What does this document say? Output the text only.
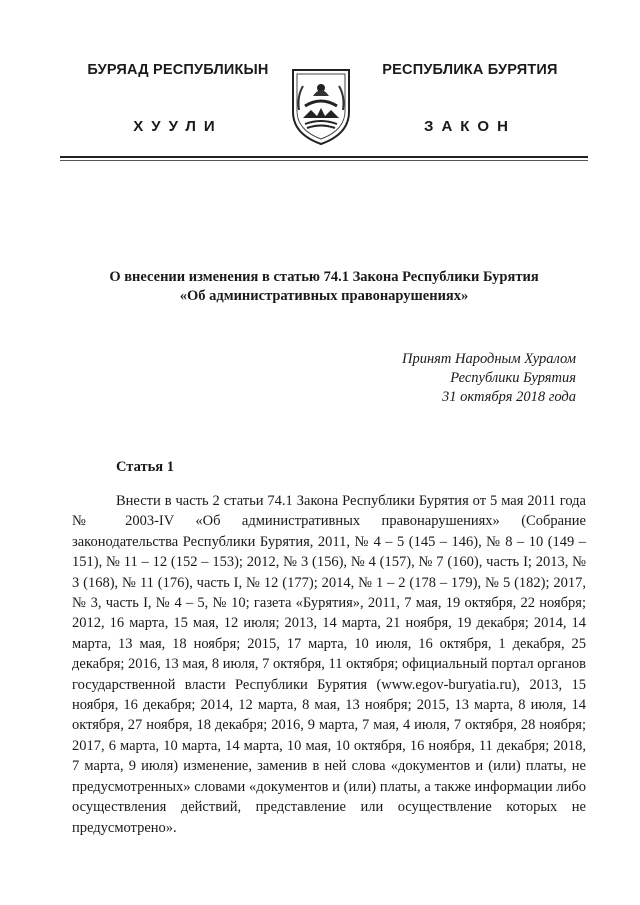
БУРЯАД РЕСПУБЛИКЫН
ХУУЛИ
РЕСПУБЛИКА БУРЯТИЯ
ЗАКОН
О внесении изменения в статью 74.1 Закона Республики Бурятия
«Об административных правонарушениях»
Принят Народным Хуралом
Республики Бурятия
31 октября 2018 года
Статья 1
Внести в часть 2 статьи 74.1 Закона Республики Бурятия от 5 мая 2011 года № 2003-IV «Об административных правонарушениях» (Собрание законодательства Республики Бурятия, 2011, № 4 – 5 (145 – 146), № 8 – 10 (149 – 151), № 11 – 12 (152 – 153); 2012, № 3 (156), № 4 (157), № 7 (160), часть I; 2013, № 3 (168), № 11 (176), часть I, № 12 (177); 2014, № 1 – 2 (178 – 179), № 5 (182); 2017, № 3, часть I, № 4 – 5, № 10; газета «Бурятия», 2011, 7 мая, 19 октября, 22 ноября; 2012, 16 марта, 15 мая, 12 июля; 2013, 14 марта, 21 ноября, 19 декабря; 2014, 14 марта, 13 мая, 18 ноября; 2015, 17 марта, 10 июля, 16 октября, 1 декабря, 25 декабря; 2016, 13 мая, 8 июля, 7 октября, 11 октября; официальный портал органов государственной власти Республики Бурятия (www.egov-buryatia.ru), 2013, 15 ноября, 16 декабря; 2014, 12 марта, 8 мая, 13 ноября; 2015, 13 марта, 8 июля, 14 октября, 27 ноября, 18 декабря; 2016, 9 марта, 7 мая, 4 июля, 7 октября, 28 ноября; 2017, 6 марта, 10 марта, 14 марта, 10 мая, 10 октября, 16 ноября, 11 декабря; 2018, 7 марта, 9 июля) изменение, заменив в ней слова «документов и (или) платы, не предусмотренных» словами «документов и (или) платы, а также информации либо осуществления действий, представление или осуществление которых не предусмотрено».
